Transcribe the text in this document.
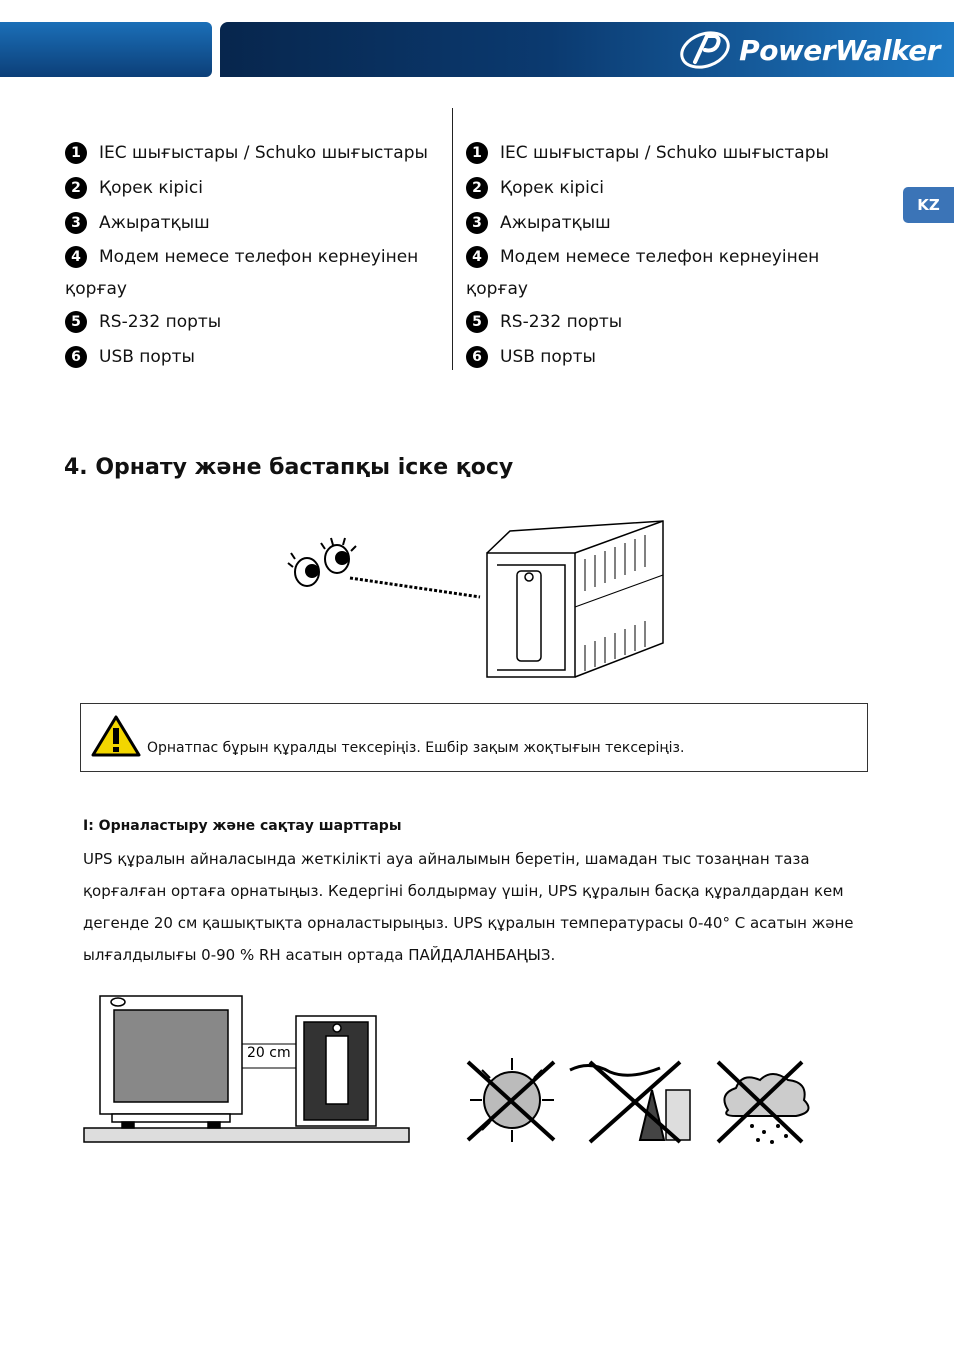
PowerWalker
KZ
1	IEC шығыстары / Schuko шығыстары
2	Қорек кірісі
3	Ажыратқыш
4 Модем немесе телефон кернеуінен қорғау
5	RS-232 порты
6	USB порты
1	IEC шығыстары / Schuko шығыстары
2	Қорек кірісі
3	Ажыратқыш
4 Модем немесе телефон кернеуінен қорғау
5	RS-232 порты
6	USB порты
4. Орнату және бастапқы іске қосу
Орнатпас бұрын құралды тексеріңіз. Ешбір зақым жоқтығын тексеріңіз.
I: Орналастыру және сақтау шарттары
UPS құралын айналасында жеткілікті ауа айналымын беретін, шамадан тыс тозаңнан таза қорғалған ортаға орнатыңыз. Кедергіні болдырмау үшін, UPS құралын басқа құралдардан кем дегенде 20 см қашықтықта орналастырыңыз. UPS құралын температурасы 0-40° С асатын және ылғалдылығы 0-90 % RH асатын ортада ПАЙДАЛАНБАҢЫЗ.
20 cm
